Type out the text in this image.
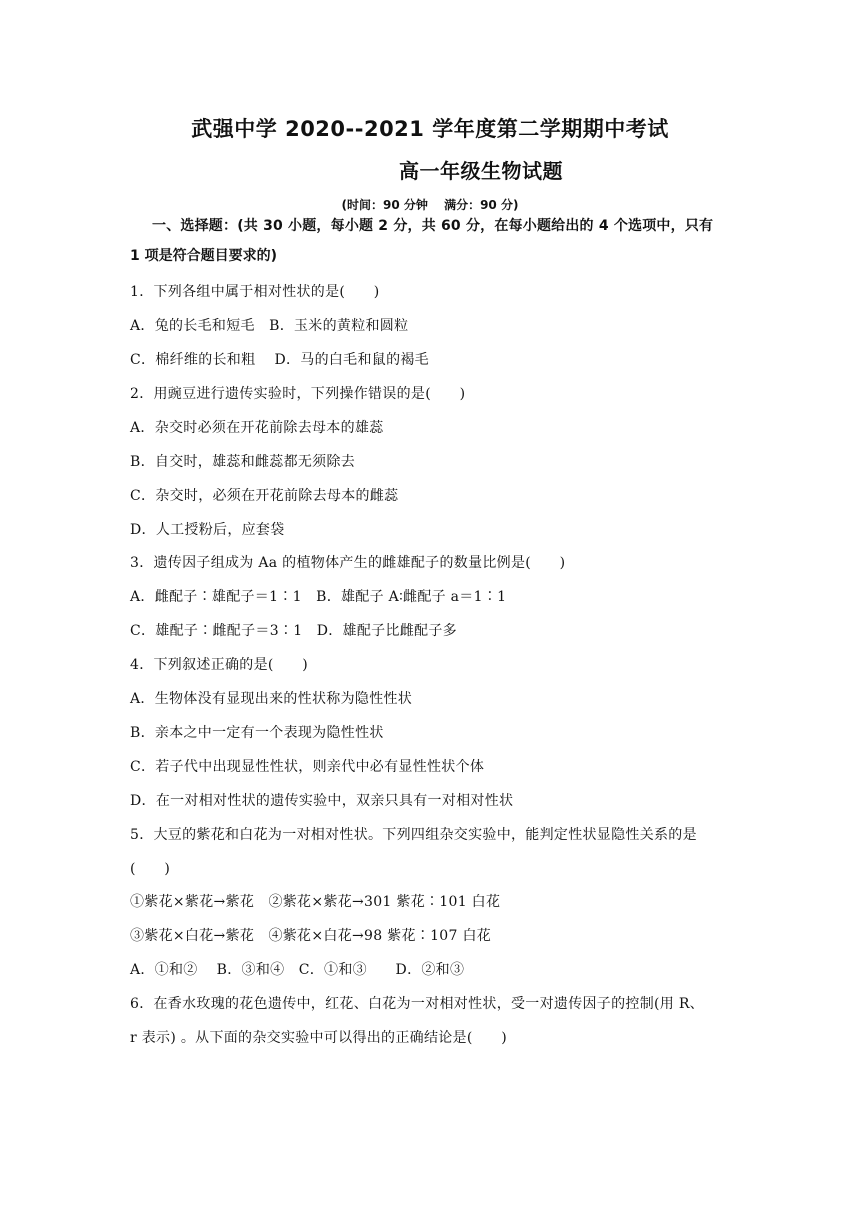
武强中学 2020--2021 学年度第二学期期中考试
高一年级生物试题
(时间：90 分钟　 满分：90 分)
一、选择题：(共 30 小题，每小题 2 分，共 60 分，在每小题给出的 4 个选项中，只有
1 项是符合题目要求的)
1．下列各组中属于相对性状的是(　　)
A．兔的长毛和短毛　B．玉米的黄粒和圆粒
C．棉纤维的长和粗 　D．马的白毛和鼠的褐毛
2．用豌豆进行遗传实验时，下列操作错误的是(　　)
A．杂交时必须在开花前除去母本的雄蕊
B．自交时，雄蕊和雌蕊都无须除去
C．杂交时，必须在开花前除去母本的雌蕊
D．人工授粉后，应套袋
3．遗传因子组成为 Aa 的植物体产生的雌雄配子的数量比例是(　　)
A．雌配子∶雄配子＝1∶1　B．雄配子 A∶雌配子 a＝1∶1
C．雄配子∶雌配子＝3∶1　D．雄配子比雌配子多
4．下列叙述正确的是(　　)
A．生物体没有显现出来的性状称为隐性性状
B．亲本之中一定有一个表现为隐性性状
C．若子代中出现显性性状，则亲代中必有显性性状个体
D．在一对相对性状的遗传实验中，双亲只具有一对相对性状
5．大豆的紫花和白花为一对相对性状。下列四组杂交实验中，能判定性状显隐性关系的是
(　　)
①紫花×紫花→紫花　②紫花×紫花→301 紫花∶101 白花
③紫花×白花→紫花　④紫花×白花→98 紫花∶107 白花
A．①和②　 B．③和④　C．①和③　　D．②和③
6．在香水玫瑰的花色遗传中，红花、白花为一对相对性状，受一对遗传因子的控制(用 R、
r 表示) 。从下面的杂交实验中可以得出的正确结论是(　　)
